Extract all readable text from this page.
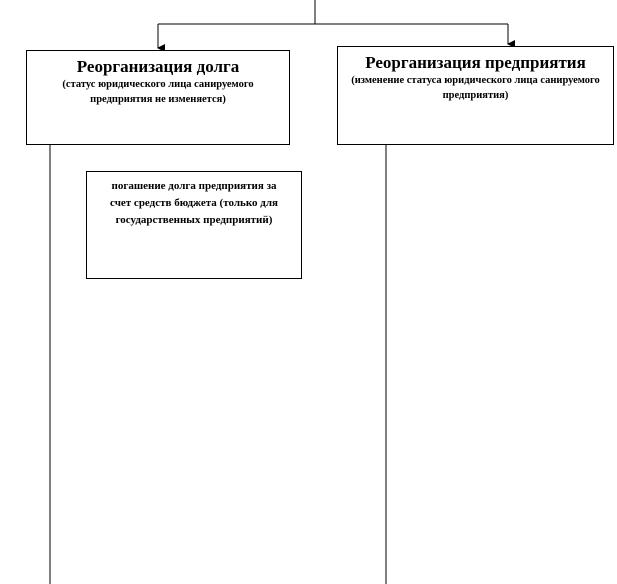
Реорганизация долга
(статус юридического лица санируемого предприятия не изменяется)
Реорганизация предприятия
(изменение статуса юридического лица санируемого предприятия)
погашение долга предприятия за счет средств бюджета (только для государственных предприятий)
